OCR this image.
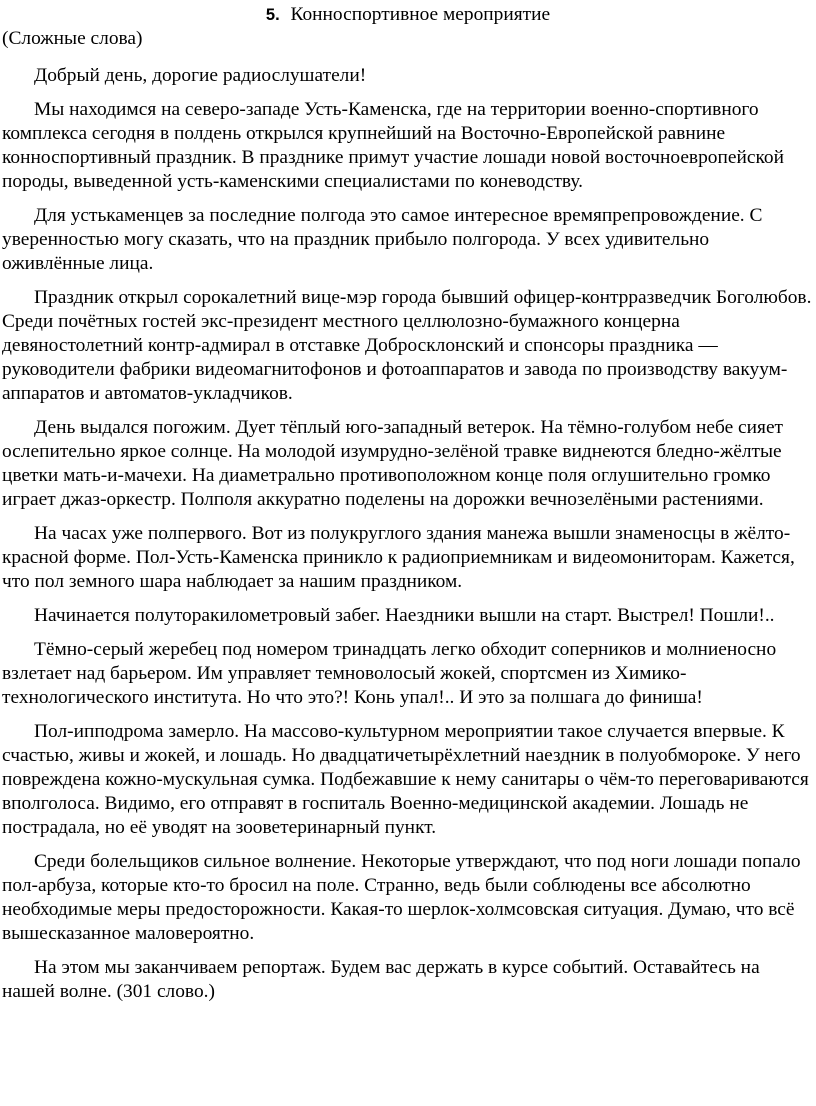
5. Конноспортивное мероприятие
(Сложные слова)

Добрый день, дорогие радиослушатели!

Мы находимся на северо-западе Усть-Каменска, где на территории военно-спортивного комплекса сегодня в полдень открылся крупнейший на Восточно-Европейской равнине конноспортивный праздник. В празднике примут участие лошади новой восточноевропейской породы, выведенной усть-каменскими специалистами по коневодству.

Для устькаменцев за последние полгода это самое интересное времяпрепровождение. С уверенностью могу сказать, что на праздник прибыло полгорода. У всех удивительно оживлённые лица.

Праздник открыл сорокалетний вице-мэр города бывший офицер-контрразведчик Боголюбов. Среди почётных гостей экс-президент местного целлюлозно-бумажного концерна девяностолетний контр-адмирал в отставке Добросклонский и спонсоры праздника — руководители фабрики видеомагнитофонов и фотоаппаратов и завода по производству вакуум-аппаратов и автоматов-укладчиков.

День выдался погожим. Дует тёплый юго-западный ветерок. На тёмно-голубом небе сияет ослепительно яркое солнце. На молодой изумрудно-зелёной травке виднеются бледно-жёлтые цветки мать-и-мачехи. На диаметрально противоположном конце поля оглушительно громко играет джаз-оркестр. Полполя аккуратно поделены на дорожки вечнозелёными растениями.

На часах уже полпервого. Вот из полукруглого здания манежа вышли знаменосцы в жёлто-красной форме. Пол-Усть-Каменска приникло к радиоприемникам и видеомониторам. Кажется, что пол земного шара наблюдает за нашим праздником.

Начинается полуторакилометровый забег. Наездники вышли на старт. Выстрел! Пошли!..

Тёмно-серый жеребец под номером тринадцать легко обходит соперников и молниеносно взлетает над барьером. Им управляет темноволосый жокей, спортсмен из Химико-технологического института. Но что это?! Конь упал!.. И это за полшага до финиша!

Пол-ипподрома замерло. На массово-культурном мероприятии такое случается впервые. К счастью, живы и жокей, и лошадь. Но двадцатичетырёхлетний наездник в полуобмороке. У него повреждена кожно-мускульная сумка. Подбежавшие к нему санитары о чём-то переговариваются вполголоса. Видимо, его отправят в госпиталь Военно-медицинской академии. Лошадь не пострадала, но её уводят на зооветеринарный пункт.

Среди болельщиков сильное волнение. Некоторые утверждают, что под ноги лошади попало пол-арбуза, которые кто-то бросил на поле. Странно, ведь были соблюдены все абсолютно необходимые меры предосторожности. Какая-то шерлок-холмсовская ситуация. Думаю, что всё вышесказанное маловероятно.

На этом мы заканчиваем репортаж. Будем вас держать в курсе событий. Оставайтесь на нашей волне. (301 слово.)
